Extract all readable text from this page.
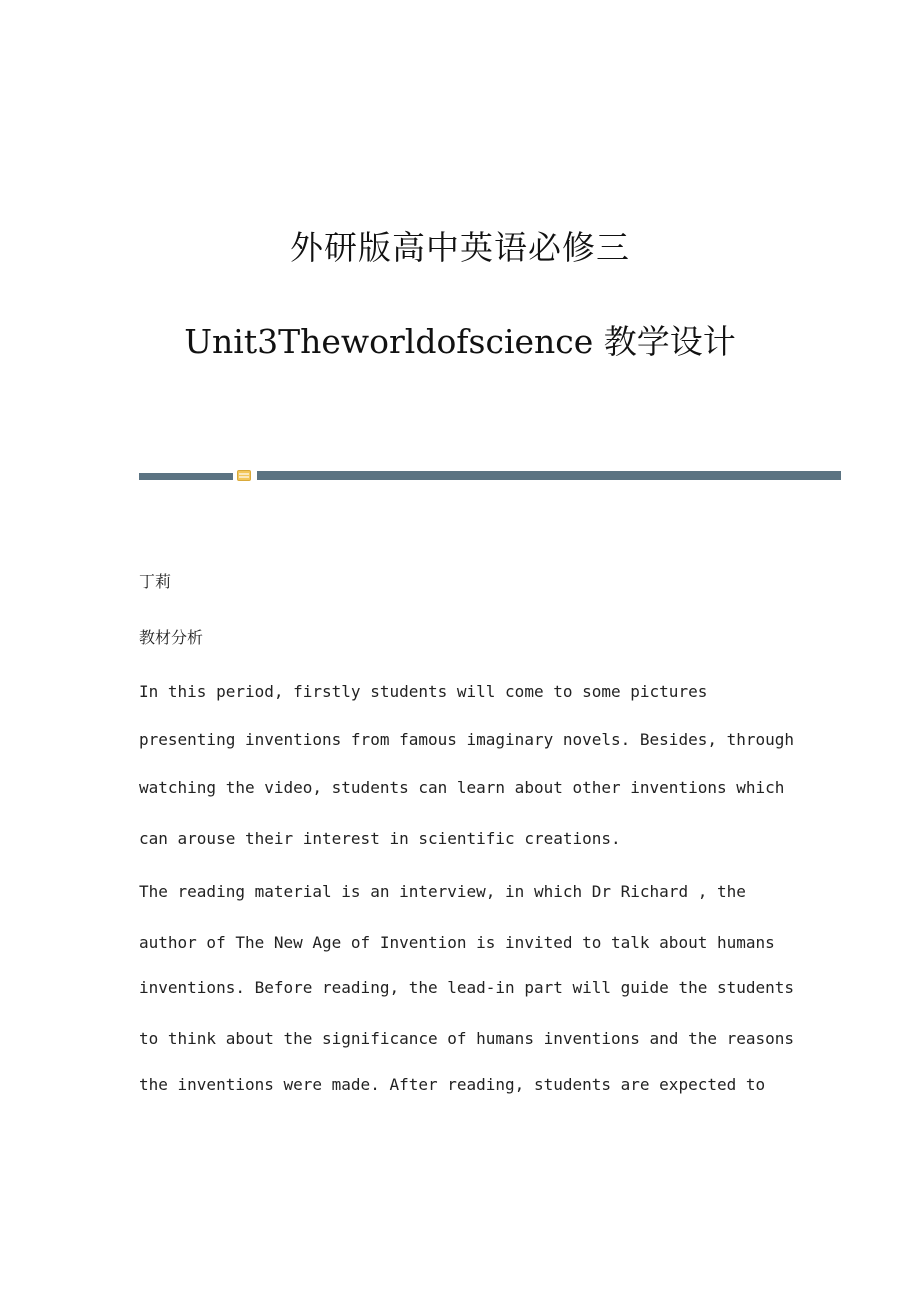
外研版高中英语必修三
Unit3Theworldofscience 教学设计
丁莉
教材分析
In this period, firstly students will come to some pictures
presenting inventions from famous imaginary novels. Besides, through
watching the video, students can learn about other inventions which
can arouse their interest in scientific creations.
The reading material is an interview, in which Dr Richard , the
author of The New Age of Invention is invited to talk about humans
inventions. Before reading, the lead-in part will guide the students
to think about the significance of humans inventions and the reasons
the inventions were made. After reading, students are expected to
